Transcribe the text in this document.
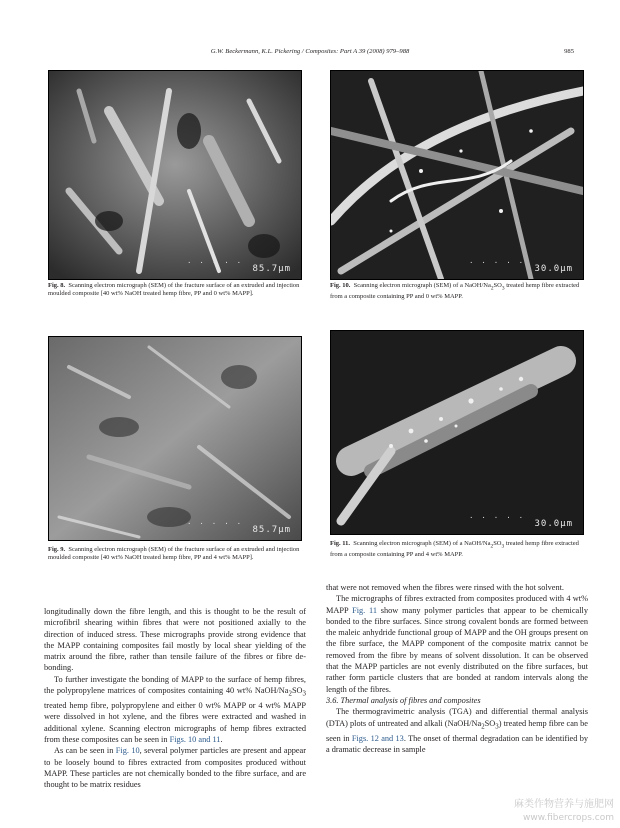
G.W. Beckermann, K.L. Pickering / Composites: Part A 39 (2008) 979–988	985
· · · · ·
85.7μm
· · · · ·
30.0μm
Fig. 8. Scanning electron micrograph (SEM) of the fracture surface of an extruded and injection moulded composite [40 wt% NaOH treated hemp fibre, PP and 0 wt% MAPP].
Fig. 10. Scanning electron micrograph (SEM) of a NaOH/$Na_2SO_3$ treated hemp fibre extracted from a composite containing PP and 0 wt% MAPP.
· · · · ·
85.7μm
· · · · ·
30.0μm
Fig. 9. Scanning electron micrograph (SEM) of the fracture surface of an extruded and injection moulded composite [40 wt% NaOH treated hemp fibre, PP and 4 wt% MAPP].
Fig. 11. Scanning electron micrograph (SEM) of a NaOH/$Na_2SO_3$ treated hemp fibre extracted from a composite containing PP and 4 wt% MAPP.

longitudinally down the fibre length, and this is thought to be the result of microfibril shearing within fibres that were not positioned axially to the direction of induced stress. These micrographs provide strong evidence that the MAPP containing composites fail mostly by local shear yielding of the matrix around the fibre, rather than tensile failure of the fibres or fibre de-bonding.

To further investigate the bonding of MAPP to the surface of hemp fibres, the polypropylene matrices of composites containing 40 wt% NaOH/$Na_2SO_3$ treated hemp fibre, polypropylene and either 0 wt% MAPP or 4 wt% MAPP were dissolved in hot xylene, and the fibres were extracted and washed in additional xylene. Scanning electron micrographs of hemp fibres extracted from these composites can be seen in Figs. 10 and 11.

As can be seen in Fig. 10, several polymer particles are present and appear to be loosely bound to fibres extracted from composites produced without MAPP. These particles are not chemically bonded to the fibre surface, and are thought to be matrix residues

that were not removed when the fibres were rinsed with the hot solvent.

The micrographs of fibres extracted from composites produced with 4 wt% MAPP Fig. 11 show many polymer particles that appear to be chemically bonded to the fibre surfaces. Since strong covalent bonds are formed between the maleic anhydride functional group of MAPP and the OH groups present on the fibre surface, the MAPP component of the composite matrix cannot be removed from the fibre by means of solvent dissolution. It can be observed that the MAPP particles are not evenly distributed on the fibre surfaces, but rather form particle clusters that are bonded at random intervals along the length of the fibres.

3.6. Thermal analysis of fibres and composites

The thermogravimetric analysis (TGA) and differential thermal analysis (DTA) plots of untreated and alkali $(NaOH/Na_2SO_3)$ treated hemp fibre can be seen in Figs. 12 and 13. The onset of thermal degradation can be identified by a dramatic decrease in sample

麻类作物营养与施肥网
www.fibercrops.com
